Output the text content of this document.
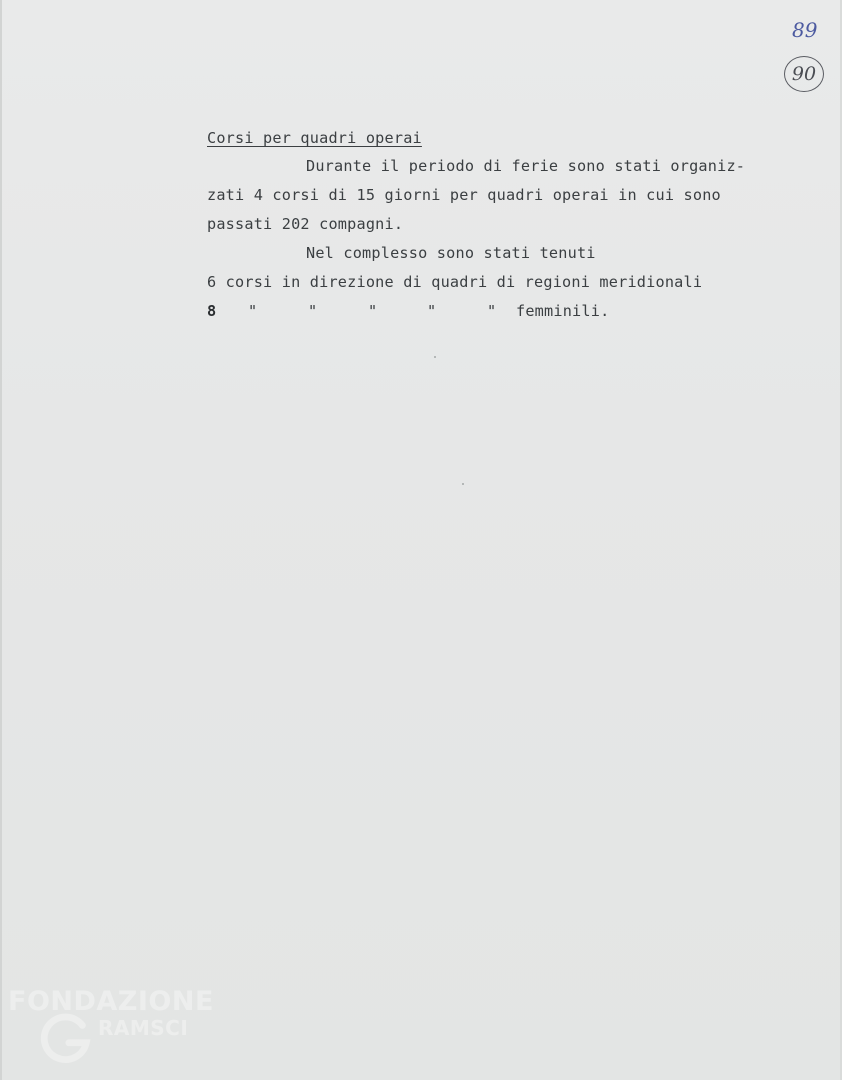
89
90
Corsi per quadri operai
Durante il periodo di ferie sono stati organiz-
zati 4 corsi di 15 giorni per quadri operai in cui sono
passati 202 compagni.
Nel complesso sono stati tenuti
6 corsi in direzione di quadri di regioni meridionali
8 "	"	"	"	" femminili.
FONDAZIONE
RAMSCI
